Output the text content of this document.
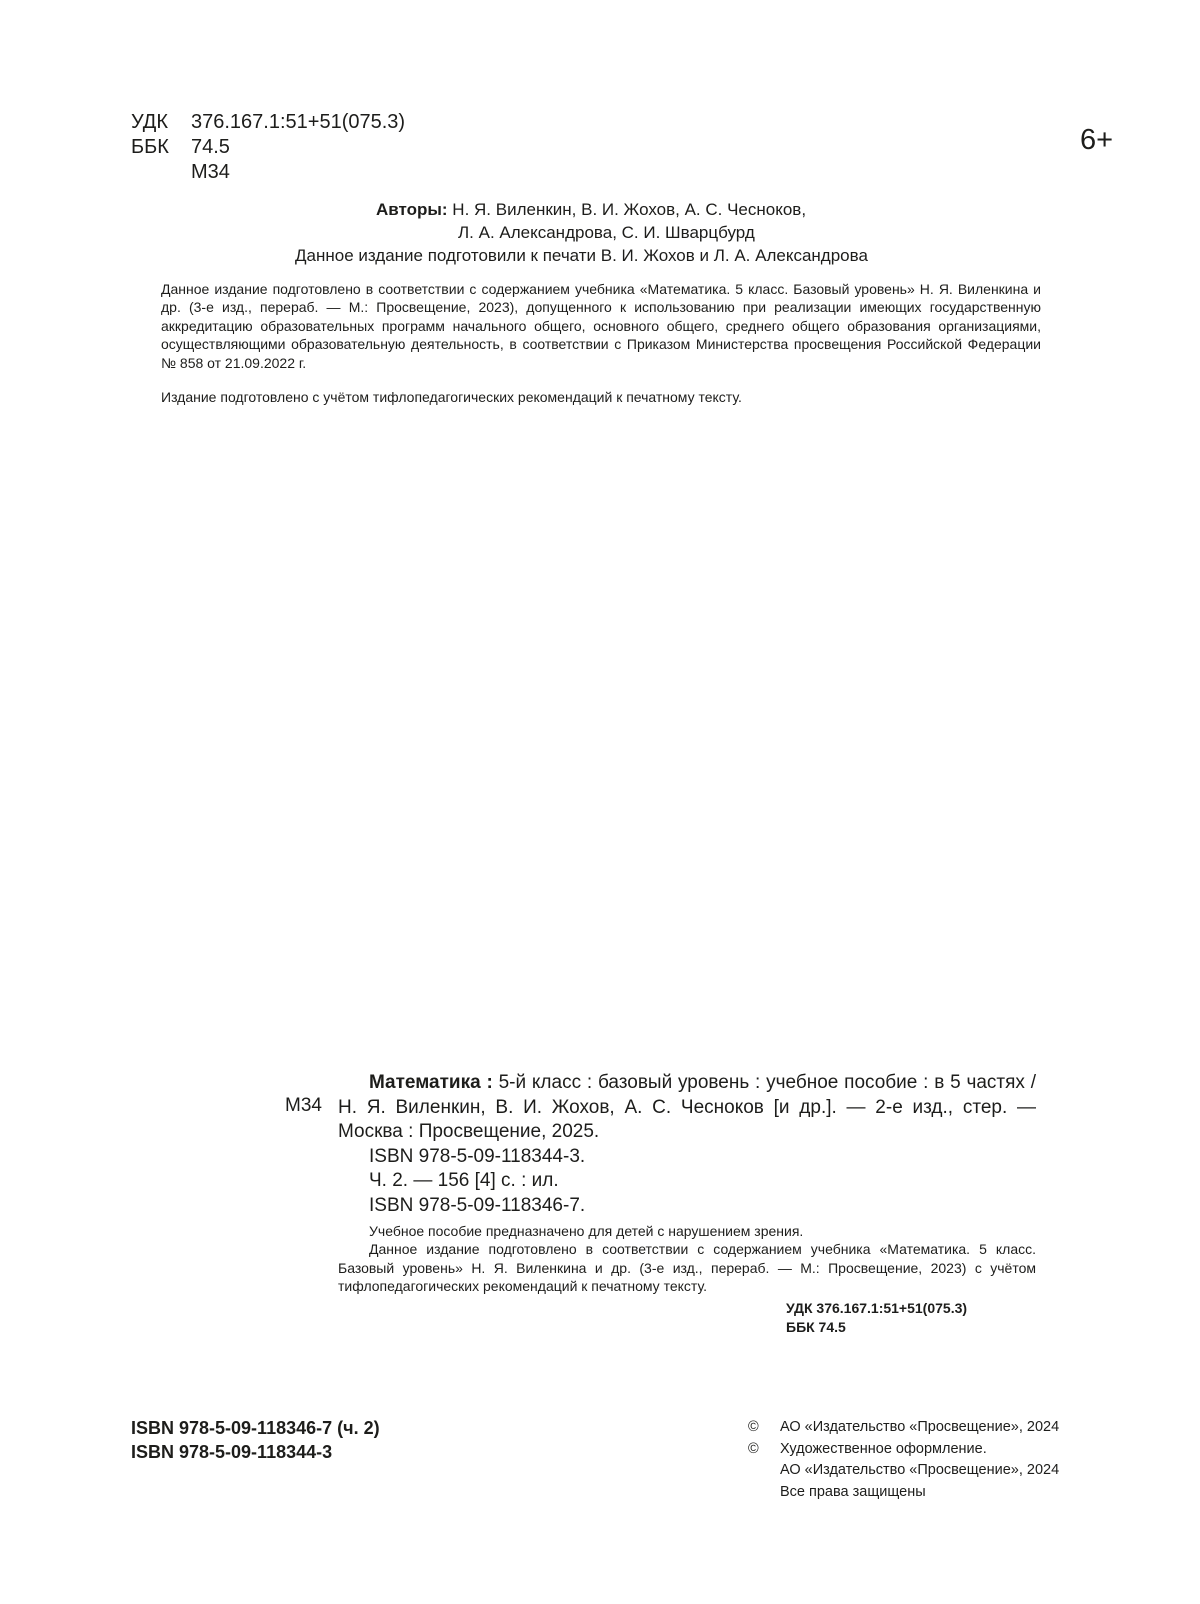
УДК	376.167.1:51+51(075.3)
ББК	74.5
М34
6+
Авторы: Н. Я. Виленкин, В. И. Жохов, А. С. Чесноков,
Л. А. Александрова, С. И. Шварцбурд
Данное издание подготовили к печати В. И. Жохов и Л. А. Александрова
Данное издание подготовлено в соответствии с содержанием учебника «Математика. 5 класс. Базовый уровень» Н. Я. Виленкина и др. (3-е изд., перераб. — М.: Просвещение, 2023), допущенного к использованию при реализации имеющих государственную аккредитацию образовательных программ начального общего, основного общего, среднего общего образования организациями, осуществляющими образовательную деятельность, в соответствии с Приказом Министерства просвещения Российской Федерации № 858 от 21.09.2022 г.
Издание подготовлено с учётом тифлопедагогических рекомендаций к печатному тексту.
М34
Математика : 5-й класс : базовый уровень : учебное пособие : в 5 частях / Н. Я. Виленкин, В. И. Жохов, А. С. Чесноков [и др.]. — 2-е изд., стер. — Москва : Просвещение, 2025.
ISBN 978-5-09-118344-3.
Ч. 2. — 156 [4] с. : ил.
ISBN 978-5-09-118346-7.
Учебное пособие предназначено для детей с нарушением зрения.
Данное издание подготовлено в соответствии с содержанием учебника «Математика. 5 класс. Базовый уровень» Н. Я. Виленкина и др. (3-е изд., перераб. — М.: Просвещение, 2023) с учётом тифлопедагогических рекомендаций к печатному тексту.
УДК 376.167.1:51+51(075.3)
ББК 74.5
ISBN 978-5-09-118346-7 (ч. 2)
ISBN 978-5-09-118344-3
©	АО «Издательство «Просвещение», 2024
©	Художественное оформление.
АО «Издательство «Просвещение», 2024
Все права защищены
